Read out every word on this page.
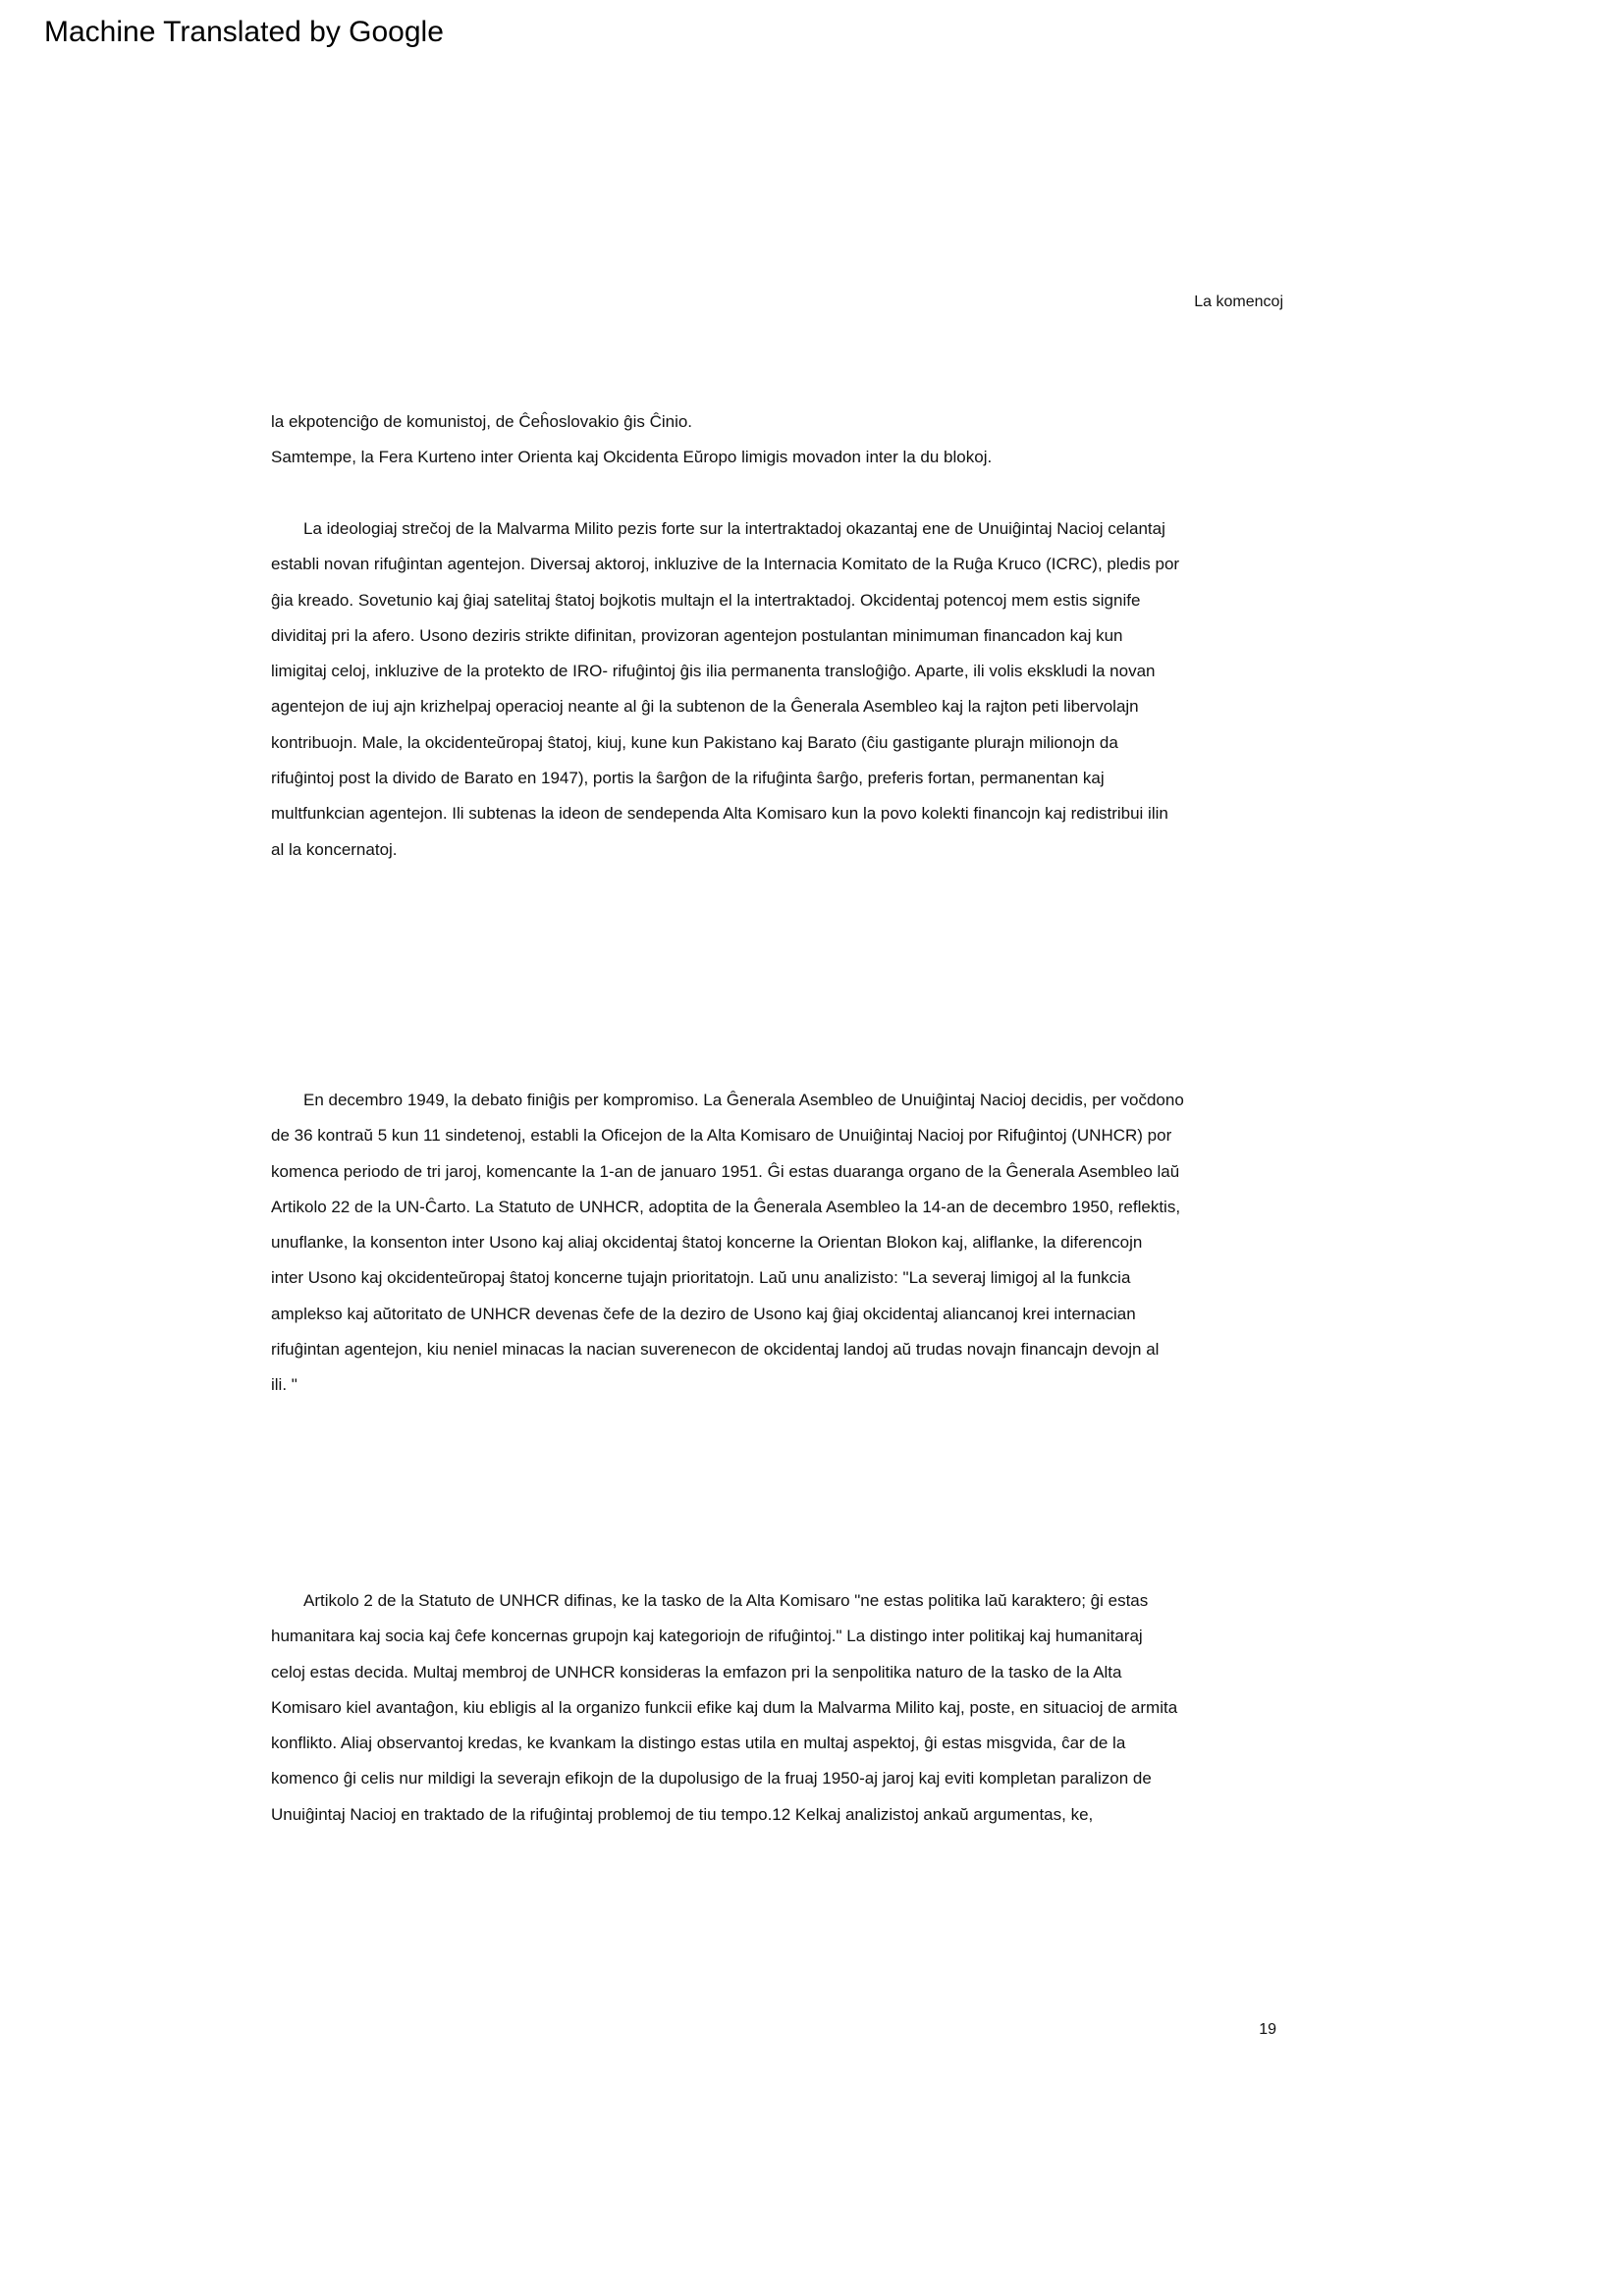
Machine Translated by Google
La komencoj
la ekpotenciĝo de komunistoj, de Ĉeĥoslovakio ĝis Ĉinio.
Samtempe, la Fera Kurteno inter Orienta kaj Okcidenta Eŭropo limigis movadon inter la du blokoj.
La ideologiaj strečoj de la Malvarma Milito pezis forte sur la intertraktadoj okazantaj ene de Unuiĝintaj Nacioj celantaj
establi novan rifuĝintan agentejon. Diversaj aktoroj, inkluzive de la Internacia Komitato de la Ruĝa Kruco (ICRC), pledis por
ĝia kreado. Sovetunio kaj ĝiaj satelitaj ŝtatoj bojkotis multajn el la intertraktadoj. Okcidentaj potencoj mem estis signife
dividitaj pri la afero. Usono deziris strikte difinitan, provizoran agentejon postulantan minimuman financadon kaj kun
limigitaj celoj, inkluzive de la protekto de IRO- rifuĝintoj ĝis ilia permanenta transloĝiĝo. Aparte, ili volis ekskludi la novan
agentejon de iuj ajn krizhelpaj operacioj neante al ĝi la subtenon de la Ĝenerala Asembleo kaj la rajton peti libervolajn
kontribuojn. Male, la okcidenteŭropaj ŝtatoj, kiuj, kune kun Pakistano kaj Barato (ĉiu gastigante plurajn milionojn da
rifuĝintoj post la divido de Barato en 1947), portis la ŝarĝon de la rifuĝinta ŝarĝo, preferis fortan, permanentan kaj
multfunkcian agentejon. Ili subtenas la ideon de sendependa Alta Komisaro kun la povo kolekti financojn kaj redistribui ilin
al la koncernatoj.
En decembro 1949, la debato finiĝis per kompromiso. La Ĝenerala Asembleo de Unuiĝintaj Nacioj decidis, per vočdono
de 36 kontraŭ 5 kun 11 sindetenoj, establi la Oficejon de la Alta Komisaro de Unuiĝintaj Nacioj por Rifuĝintoj (UNHCR) por
komenca periodo de tri jaroj, komencante la 1-an de januaro 1951. Ĝi estas duaranga organo de la Ĝenerala Asembleo laŭ
Artikolo 22 de la UN-Ĉarto. La Statuto de UNHCR, adoptita de la Ĝenerala Asembleo la 14-an de decembro 1950, reflektis,
unuflanke, la konsenton inter Usono kaj aliaj okcidentaj ŝtatoj koncerne la Orientan Blokon kaj, aliflanke, la diferencojn
inter Usono kaj okcidenteŭropaj ŝtatoj koncerne tujajn prioritatojn. Laŭ unu analizisto: "La severaj limigoj al la funkcia
amplekso kaj aŭtoritato de UNHCR devenas čefe de la deziro de Usono kaj ĝiaj okcidentaj aliancanoj krei internacian
rifuĝintan agentejon, kiu neniel minacas la nacian suverenecon de okcidentaj landoj aŭ trudas novajn financajn devojn al
ili. "
Artikolo 2 de la Statuto de UNHCR difinas, ke la tasko de la Alta Komisaro "ne estas politika laŭ karaktero; ĝi estas
humanitara kaj socia kaj ĉefe koncernas grupojn kaj kategoriojn de rifuĝintoj." La distingo inter politikaj kaj humanitaraj
celoj estas decida. Multaj membroj de UNHCR konsideras la emfazon pri la senpolitika naturo de la tasko de la Alta
Komisaro kiel avantaĝon, kiu ebligis al la organizo funkcii efike kaj dum la Malvarma Milito kaj, poste, en situacioj de armita
konflikto. Aliaj observantoj kredas, ke kvankam la distingo estas utila en multaj aspektoj, ĝi estas misgvida, ĉar de la
komenco ĝi celis nur mildigi la severajn efikojn de la dupolusigo de la fruaj 1950-aj jaroj kaj eviti kompletan paralizon de
Unuiĝintaj Nacioj en traktado de la rifuĝintaj problemoj de tiu tempo.12 Kelkaj analizistoj ankaŭ argumentas, ke,
19
